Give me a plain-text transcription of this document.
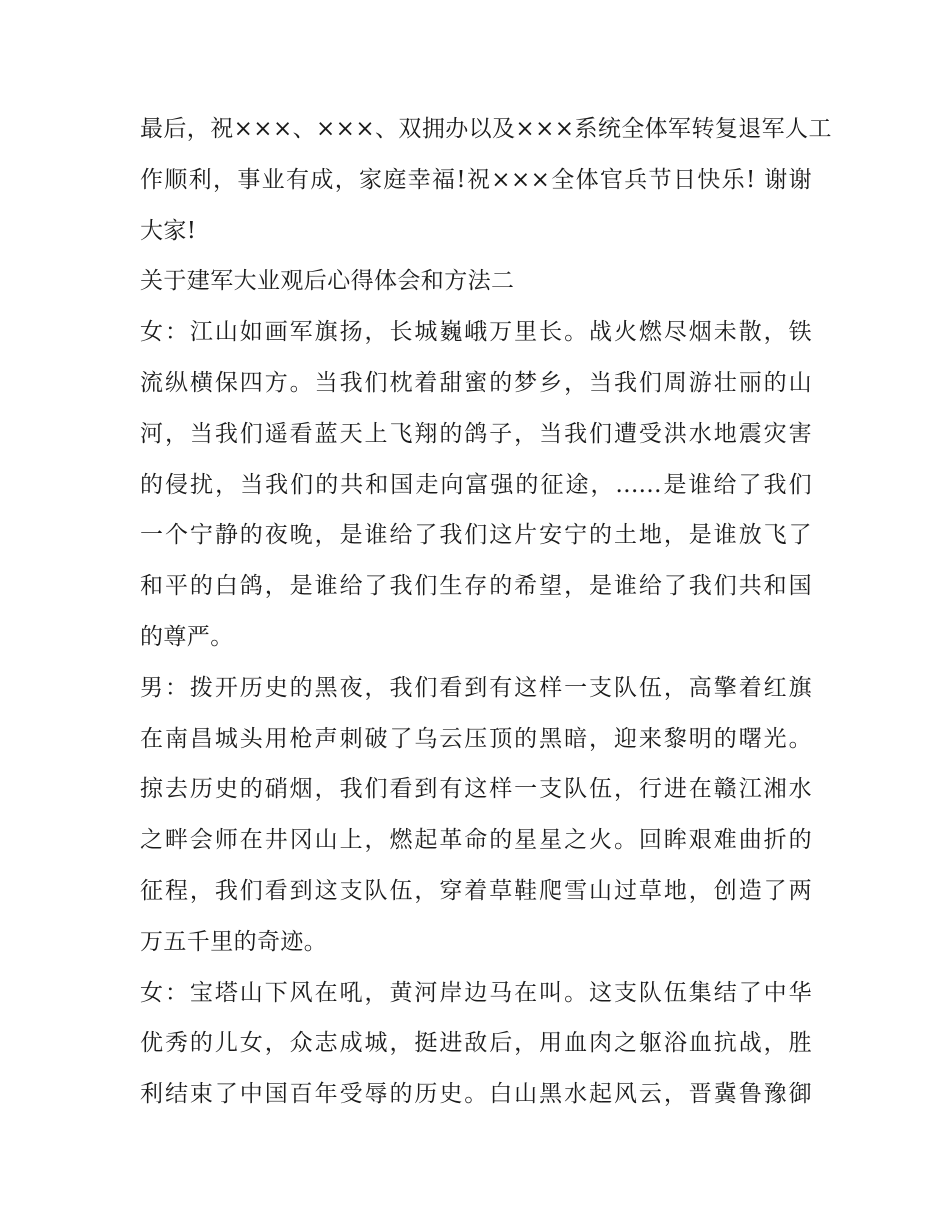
最后，祝×××、×××、双拥办以及×××系统全体军转复退军人工
作顺利，事业有成，家庭幸福!祝×××全体官兵节日快乐! 谢谢
大家!

关于建军大业观后心得体会和方法二

女：江山如画军旗扬，长城巍峨万里长。战火燃尽烟未散，铁
流纵横保四方。当我们枕着甜蜜的梦乡，当我们周游壮丽的山
河，当我们遥看蓝天上飞翔的鸽子，当我们遭受洪水地震灾害
的侵扰，当我们的共和国走向富强的征途，......是谁给了我们
一个宁静的夜晚，是谁给了我们这片安宁的土地，是谁放飞了
和平的白鸽，是谁给了我们生存的希望，是谁给了我们共和国
的尊严。

男：拨开历史的黑夜，我们看到有这样一支队伍，高擎着红旗
在南昌城头用枪声刺破了乌云压顶的黑暗，迎来黎明的曙光。
掠去历史的硝烟，我们看到有这样一支队伍，行进在赣江湘水
之畔会师在井冈山上，燃起革命的星星之火。回眸艰难曲折的
征程，我们看到这支队伍，穿着草鞋爬雪山过草地，创造了两
万五千里的奇迹。

女：宝塔山下风在吼，黄河岸边马在叫。这支队伍集结了中华
优秀的儿女，众志成城，挺进敌后，用血肉之躯浴血抗战，胜
利结束了中国百年受辱的历史。白山黑水起风云，晋冀鲁豫御
